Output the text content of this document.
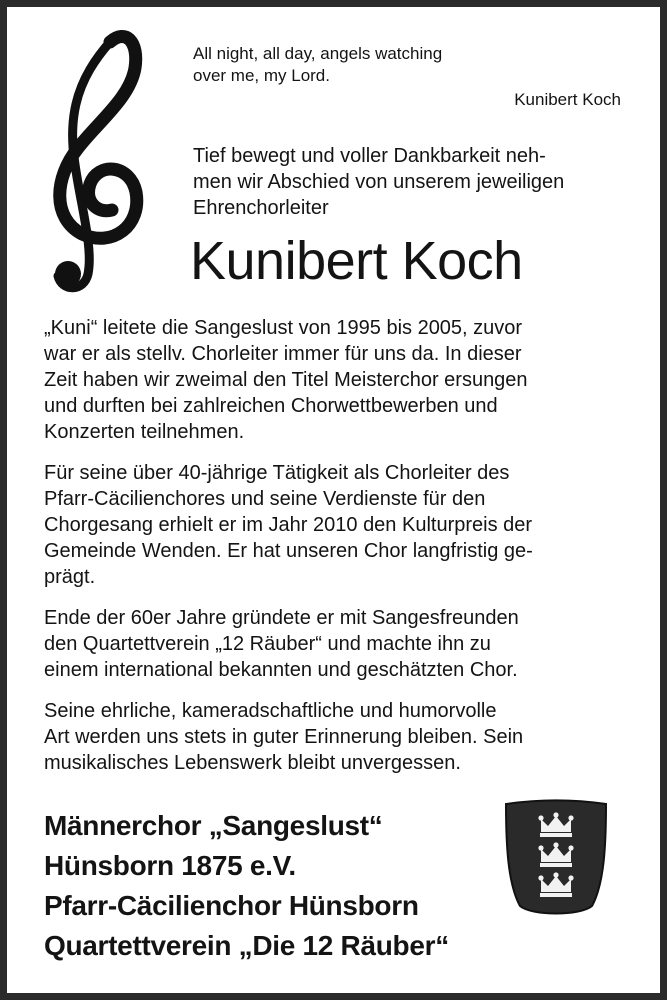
All night, all day, angels watching
over me, my Lord.
Kunibert Koch
Tief bewegt und voller Dankbarkeit neh-
men wir Abschied von unserem jeweiligen
Ehrenchorleiter
Kunibert Koch

„Kuni“ leitete die Sangeslust von 1995 bis 2005, zuvor
war er als stellv. Chorleiter immer für uns da. In dieser
Zeit haben wir zweimal den Titel Meisterchor ersungen
und durften bei zahlreichen Chorwettbewerben und
Konzerten teilnehmen.

Für seine über 40-jährige Tätigkeit als Chorleiter des
Pfarr-Cäcilienchores und seine Verdienste für den
Chorgesang erhielt er im Jahr 2010 den Kulturpreis der
Gemeinde Wenden. Er hat unseren Chor langfristig ge-
prägt.

Ende der 60er Jahre gründete er mit Sangesfreunden
den Quartettverein „12 Räuber“ und machte ihn zu
einem international bekannten und geschätzten Chor.

Seine ehrliche, kameradschaftliche und humorvolle
Art werden uns stets in guter Erinnerung bleiben. Sein
musikalisches Lebenswerk bleibt unvergessen.

Männerchor „Sangeslust“
Hünsborn 1875 e.V.
Pfarr-Cäcilienchor Hünsborn
Quartettverein „Die 12 Räuber“
